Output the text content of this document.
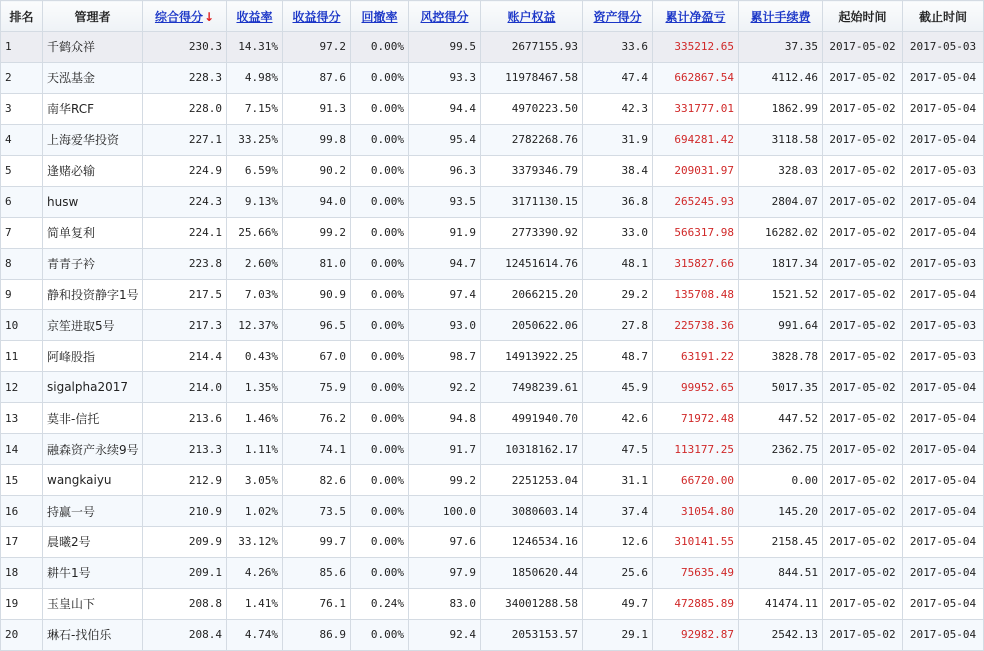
排名	管理者	综合得分↓	收益率	收益得分	回撤率	风控得分	账户权益	资产得分	累计净盈亏	累计手续费	起始时间	截止时间
1	千鹤众祥	230.3	14.31%	97.2	0.00%	99.5	2677155.93	33.6	335212.65	37.35	2017-05-02	2017-05-03
2	天泓基金	228.3	4.98%	87.6	0.00%	93.3	11978467.58	47.4	662867.54	4112.46	2017-05-02	2017-05-04
3	南华RCF	228.0	7.15%	91.3	0.00%	94.4	4970223.50	42.3	331777.01	1862.99	2017-05-02	2017-05-04
4	上海爱华投资	227.1	33.25%	99.8	0.00%	95.4	2782268.76	31.9	694281.42	3118.58	2017-05-02	2017-05-04
5	逢赌必输	224.9	6.59%	90.2	0.00%	96.3	3379346.79	38.4	209031.97	328.03	2017-05-02	2017-05-03
6	husw	224.3	9.13%	94.0	0.00%	93.5	3171130.15	36.8	265245.93	2804.07	2017-05-02	2017-05-04
7	简单复利	224.1	25.66%	99.2	0.00%	91.9	2773390.92	33.0	566317.98	16282.02	2017-05-02	2017-05-04
8	青青子衿	223.8	2.60%	81.0	0.00%	94.7	12451614.76	48.1	315827.66	1817.34	2017-05-02	2017-05-03
9	静和投资静字1号	217.5	7.03%	90.9	0.00%	97.4	2066215.20	29.2	135708.48	1521.52	2017-05-02	2017-05-04
10	京笙进取5号	217.3	12.37%	96.5	0.00%	93.0	2050622.06	27.8	225738.36	991.64	2017-05-02	2017-05-03
11	阿峰股指	214.4	0.43%	67.0	0.00%	98.7	14913922.25	48.7	63191.22	3828.78	2017-05-02	2017-05-03
12	sigalpha2017	214.0	1.35%	75.9	0.00%	92.2	7498239.61	45.9	99952.65	5017.35	2017-05-02	2017-05-04
13	莫非-信托	213.6	1.46%	76.2	0.00%	94.8	4991940.70	42.6	71972.48	447.52	2017-05-02	2017-05-04
14	融森资产永续9号	213.3	1.11%	74.1	0.00%	91.7	10318162.17	47.5	113177.25	2362.75	2017-05-02	2017-05-04
15	wangkaiyu	212.9	3.05%	82.6	0.00%	99.2	2251253.04	31.1	66720.00	0.00	2017-05-02	2017-05-04
16	持赢一号	210.9	1.02%	73.5	0.00%	100.0	3080603.14	37.4	31054.80	145.20	2017-05-02	2017-05-04
17	晨曦2号	209.9	33.12%	99.7	0.00%	97.6	1246534.16	12.6	310141.55	2158.45	2017-05-02	2017-05-04
18	耕牛1号	209.1	4.26%	85.6	0.00%	97.9	1850620.44	25.6	75635.49	844.51	2017-05-02	2017-05-04
19	玉皇山下	208.8	1.41%	76.1	0.24%	83.0	34001288.58	49.7	472885.89	41474.11	2017-05-02	2017-05-04
20	琳石-找伯乐	208.4	4.74%	86.9	0.00%	92.4	2053153.57	29.1	92982.87	2542.13	2017-05-02	2017-05-04
